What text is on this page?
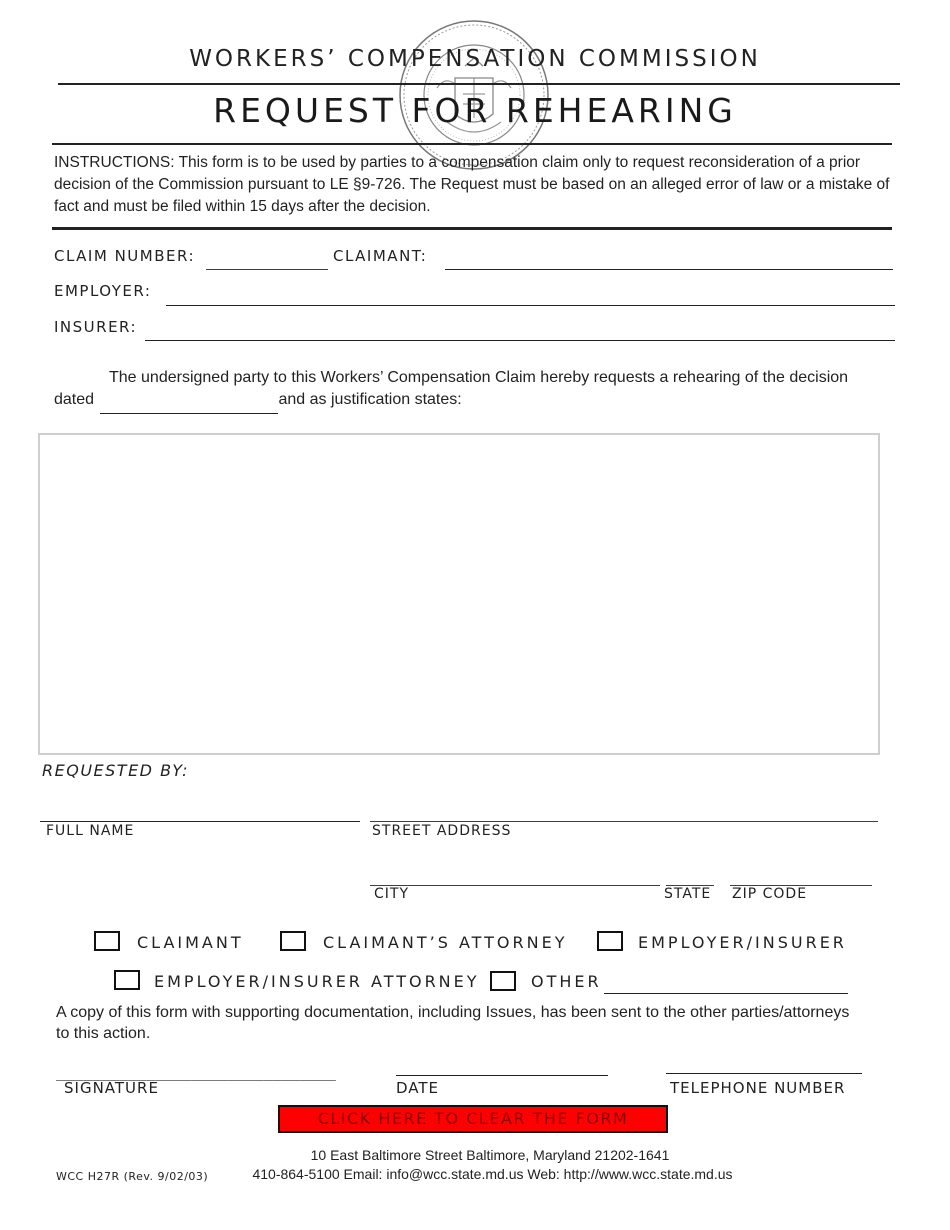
WORKERS’ COMPENSATION COMMISSION
REQUEST FOR REHEARING
INSTRUCTIONS: This form is to be used by parties to a compensation claim only to request reconsideration of a prior decision of the Commission pursuant to LE §9-726. The Request must be based on an alleged error of law or a mistake of fact and must be filed within 15 days after the decision.
CLAIM NUMBER:	CLAIMANT:
EMPLOYER:
INSURER:
The undersigned party to this Workers’ Compensation Claim hereby requests a rehearing of the decision
dated	and as justification states:
REQUESTED BY:
FULL NAME	STREET ADDRESS
CITY	STATE ZIP CODE
CLAIMANT	CLAIMANT’S ATTORNEY	EMPLOYER/INSURER
EMPLOYER/INSURER ATTORNEY	OTHER
A copy of this form with supporting documentation, including Issues, has been sent to the other parties/attorneys to this action.
_______________________________
SIGNATURE	DATE	TELEPHONE NUMBER
CLICK HERE TO CLEAR THE FORM
10 East Baltimore Street Baltimore, Maryland 21202-1641
410-864-5100 Email: info@wcc.state.md.us Web: http://www.wcc.state.md.us
WCC H27R (Rev. 9/02/03)
